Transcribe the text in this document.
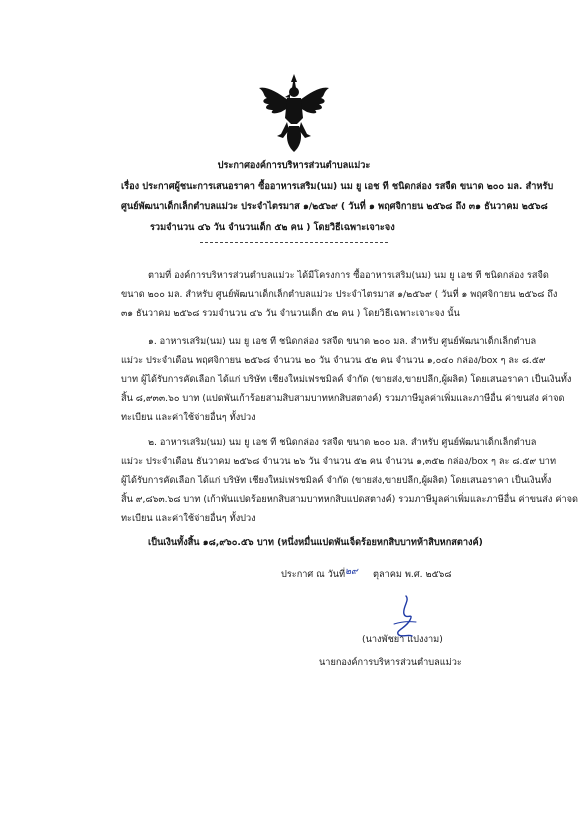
ประกาศองค์การบริหารส่วนตำบลแม่วะ
เรื่อง ประกาศผู้ชนะการเสนอราคา ซื้ออาหารเสริม(นม) นม ยู เอช ที ชนิดกล่อง รสจืด ขนาด ๒๐๐ มล. สำหรับ
ศูนย์พัฒนาเด็กเล็กตำบลแม่วะ ประจำไตรมาส ๑/๒๕๖๙ ( วันที่ ๑ พฤศจิกายน ๒๕๖๘ ถึง ๓๑ ธันวาคม ๒๕๖๘
รวมจำนวน ๔๖ วัน จำนวนเด็ก ๕๒ คน ) โดยวิธีเฉพาะเจาะจง
ตามที่ องค์การบริหารส่วนตำบลแม่วะ ได้มีโครงการ ซื้ออาหารเสริม(นม) นม ยู เอช ที ชนิดกล่อง รสจืด
ขนาด ๒๐๐ มล. สำหรับ ศูนย์พัฒนาเด็กเล็กตำบลแม่วะ ประจำไตรมาส ๑/๒๕๖๙ ( วันที่ ๑ พฤศจิกายน ๒๕๖๘ ถึง
๓๑ ธันวาคม ๒๕๖๘ รวมจำนวน ๔๖ วัน จำนวนเด็ก ๕๒ คน ) โดยวิธีเฉพาะเจาะจง นั้น
๑. อาหารเสริม(นม) นม ยู เอช ที ชนิดกล่อง รสจืด ขนาด ๒๐๐ มล. สำหรับ ศูนย์พัฒนาเด็กเล็กตำบล
แม่วะ ประจำเดือน พฤศจิกายน ๒๕๖๘ จำนวน ๒๐ วัน จำนวน ๕๒ คน จำนวน ๑,๐๔๐ กล่อง/box ๆ ละ ๘.๕๙
บาท ผู้ได้รับการคัดเลือก ได้แก่ บริษัท เชียงใหม่เฟรชมิลค์ จำกัด (ขายส่ง,ขายปลีก,ผู้ผลิต) โดยเสนอราคา เป็นเงินทั้ง
สิ้น ๘,๙๓๓.๖๐ บาท (แปดพันเก้าร้อยสามสิบสามบาทหกสิบสตางค์) รวมภาษีมูลค่าเพิ่มและภาษีอื่น ค่าขนส่ง ค่าจด
ทะเบียน และค่าใช้จ่ายอื่นๆ ทั้งปวง
๒. อาหารเสริม(นม) นม ยู เอช ที ชนิดกล่อง รสจืด ขนาด ๒๐๐ มล. สำหรับ ศูนย์พัฒนาเด็กเล็กตำบล
แม่วะ ประจำเดือน ธันวาคม ๒๕๖๘ จำนวน ๒๖ วัน จำนวน ๕๒ คน จำนวน ๑,๓๕๒ กล่อง/box ๆ ละ ๘.๕๙ บาท
ผู้ได้รับการคัดเลือก ได้แก่ บริษัท เชียงใหม่เฟรชมิลค์ จำกัด (ขายส่ง,ขายปลีก,ผู้ผลิต) โดยเสนอราคา เป็นเงินทั้ง
สิ้น ๙,๘๖๓.๖๘ บาท (เก้าพันแปดร้อยหกสิบสามบาทหกสิบแปดสตางค์) รวมภาษีมูลค่าเพิ่มและภาษีอื่น ค่าขนส่ง ค่าจด
ทะเบียน และค่าใช้จ่ายอื่นๆ ทั้งปวง
เป็นเงินทั้งสิ้น ๑๘,๙๖๐.๕๖ บาท (หนึ่งหมื่นแปดพันเจ็ดร้อยหกสิบบาทห้าสิบหกสตางค์)
ประกาศ ณ วันที่ ๒๙ ตุลาคม พ.ศ. ๒๕๖๘
(นางพัชยา แปงงาม)
นายกองค์การบริหารส่วนตำบลแม่วะ
